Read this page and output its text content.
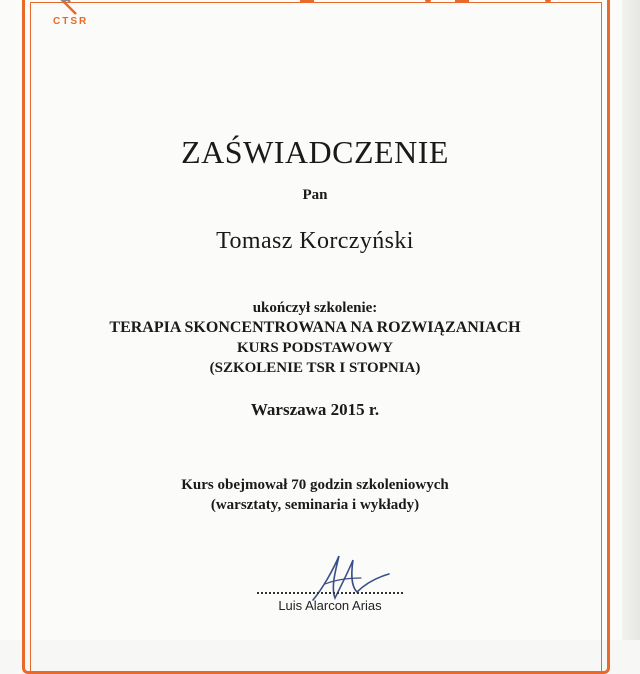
CTSR
ZAŚWIADCZENIE
Pan
Tomasz Korczyński
ukończył szkolenie:
TERAPIA SKONCENTROWANA NA ROZWIĄZANIACH
KURS PODSTAWOWY
(SZKOLENIE TSR I STOPNIA)
Warszawa 2015 r.
Kurs obejmował 70 godzin szkoleniowych
(warsztaty, seminaria i wykłady)
Luis Alarcon Arias
